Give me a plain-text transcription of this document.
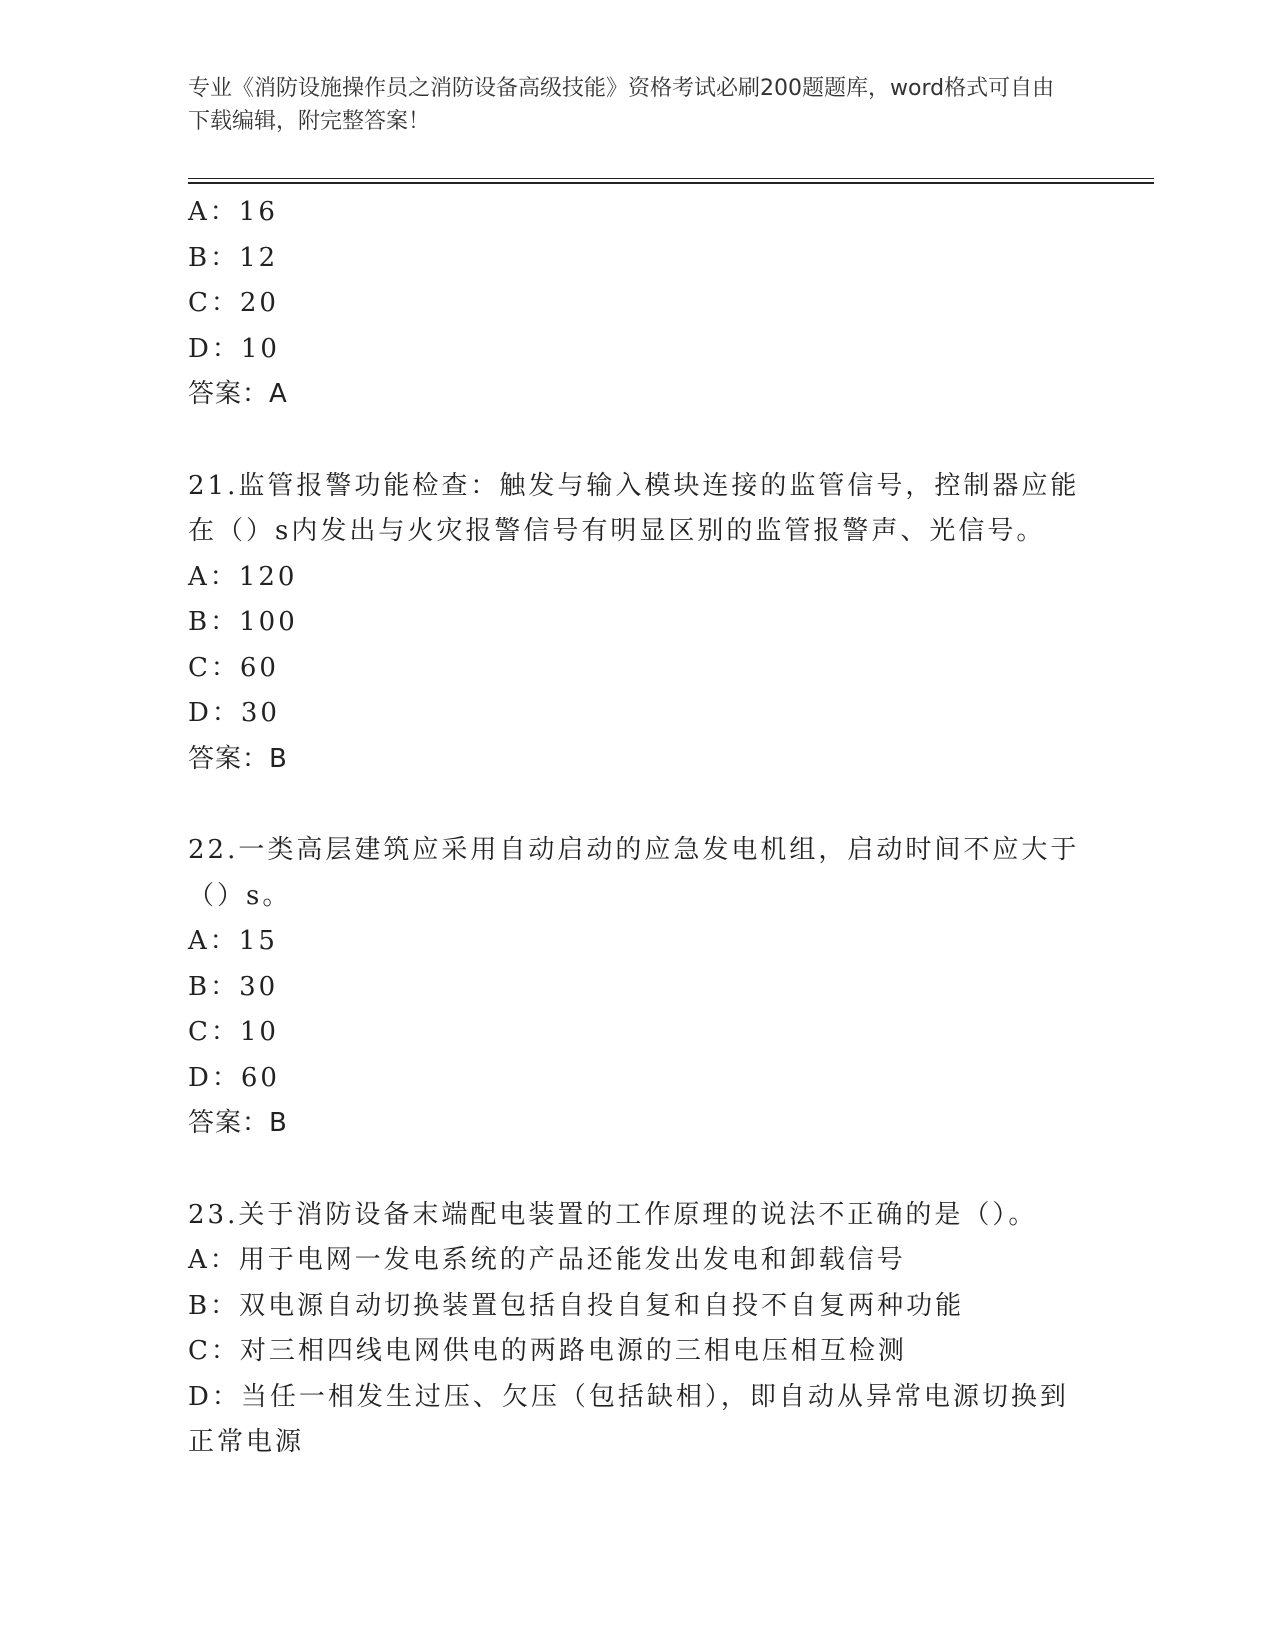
专业《消防设施操作员之消防设备高级技能》资格考试必刷200题题库，word格式可自由下载编辑，附完整答案！
A：16
B：12
C：20
D：10
答案：A
21.监管报警功能检查：触发与输入模块连接的监管信号，控制器应能在（）s内发出与火灾报警信号有明显区别的监管报警声、光信号。
A：120
B：100
C：60
D：30
答案：B
22.一类高层建筑应采用自动启动的应急发电机组，启动时间不应大于（）s。
A：15
B：30
C：10
D：60
答案：B
23.关于消防设备末端配电装置的工作原理的说法不正确的是（）。
A：用于电网一发电系统的产品还能发出发电和卸载信号
B：双电源自动切换装置包括自投自复和自投不自复两种功能
C：对三相四线电网供电的两路电源的三相电压相互检测
D：当任一相发生过压、欠压（包括缺相），即自动从异常电源切换到正常电源
